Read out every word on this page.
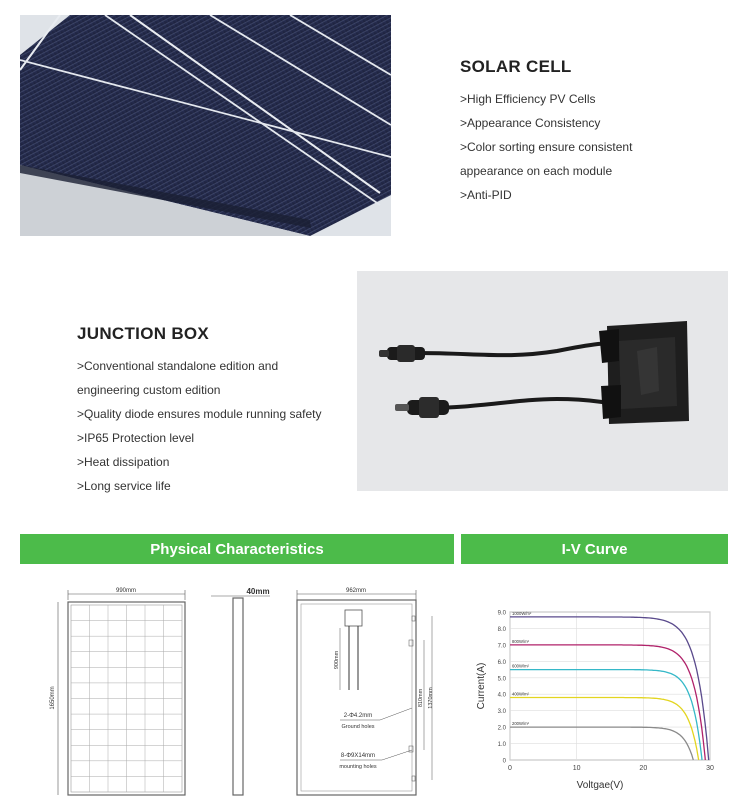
SOLAR CELL
>High Efficiency PV Cells
>Appearance Consistency
>Color sorting ensure consistent
appearance on each module
>Anti-PID
JUNCTION BOX
>Conventional standalone edition and
engineering custom edition
>Quality diode ensures module running safety
>IP65 Protection level
>Heat dissipation
>Long service life
Physical Characteristics	I-V Curve
990mm
1650mm
40mm	962mm
900mm
810mm 1370mm
2-Φ4.2mm
Ground holes
8-Φ9X14mm
mounting holes
0
1.0
2.0
3.0
4.0
5.0
6.0
7.0
8.0
9.0
0	10	20	30
1000W/m²
800W/m²
600W/m²
400W/m²
200W/m²
Voltgae(V)
Current(A)
